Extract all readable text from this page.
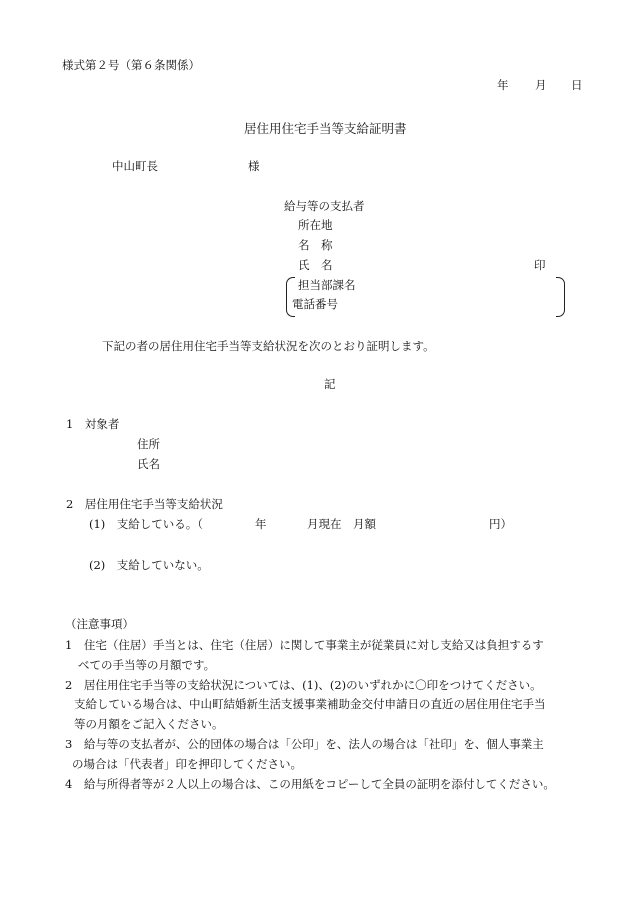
様式第２号（第６条関係）
年 月 日
居住用住宅手当等支給証明書
中山町長	様
給与等の支払者
所在地
名　称
氏　名	印
担当部課名
電話番号
下記の者の居住用住宅手当等支給状況を次のとおり証明します。
記
1　対象者
住所
氏名
2　居住用住宅手当等支給状況
(1)　支給している。（	年	月現在　月額	円）
(2)　支給していない。
（注意事項）
1　住宅（住居）手当とは、住宅（住居）に関して事業主が従業員に対し支給又は負担するす
べての手当等の月額です。
2　居住用住宅手当等の支給状況については、(1)、(2)のいずれかに〇印をつけてください。
支給している場合は、中山町結婚新生活支援事業補助金交付申請日の直近の居住用住宅手当
等の月額をご記入ください。
3　給与等の支払者が、公的団体の場合は「公印」を、法人の場合は「社印」を、個人事業主
の場合は「代表者」印を押印してください。
4　給与所得者等が２人以上の場合は、この用紙をコピーして全員の証明を添付してください。
